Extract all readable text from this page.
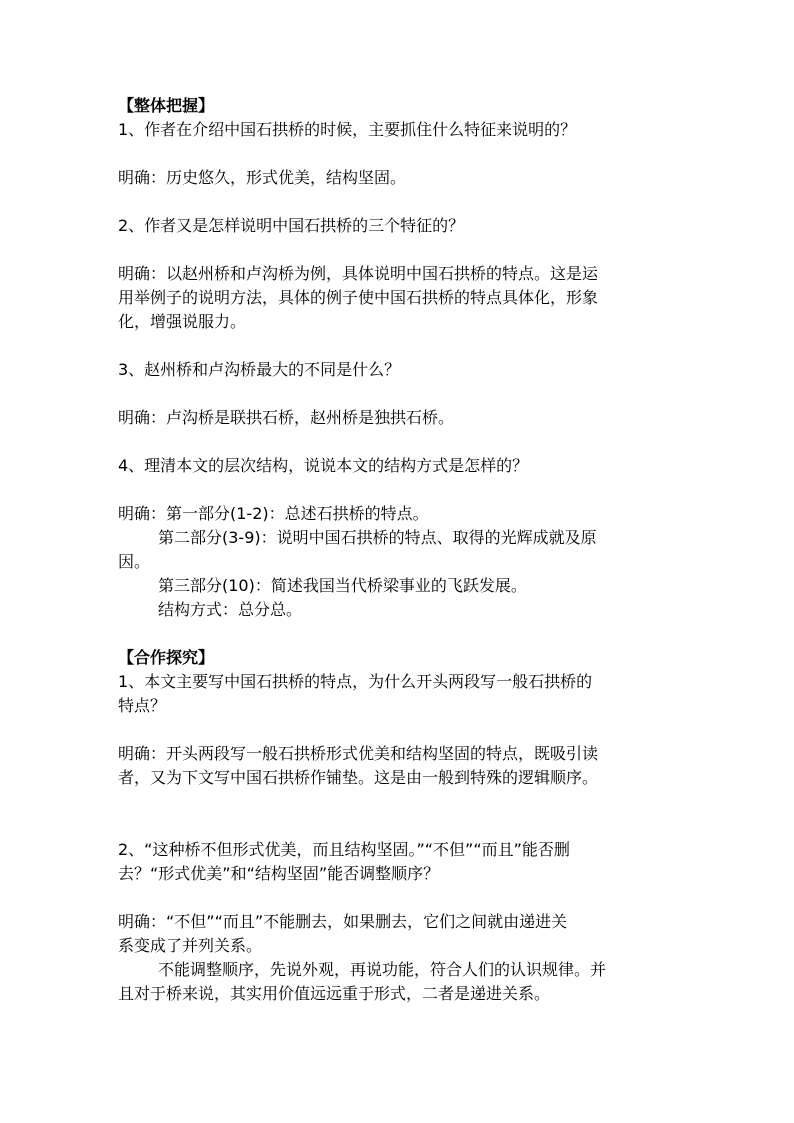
【整体把握】
1、作者在介绍中国石拱桥的时候，主要抓住什么特征来说明的？
明确：历史悠久，形式优美，结构坚固。
2、作者又是怎样说明中国石拱桥的三个特征的？
明确：以赵州桥和卢沟桥为例，具体说明中国石拱桥的特点。这是运
用举例子的说明方法，具体的例子使中国石拱桥的特点具体化，形象
化，增强说服力。
3、赵州桥和卢沟桥最大的不同是什么？
明确：卢沟桥是联拱石桥，赵州桥是独拱石桥。
4、理清本文的层次结构，说说本文的结构方式是怎样的？
明确：第一部分(1-2)：总述石拱桥的特点。
第二部分(3-9)：说明中国石拱桥的特点、取得的光辉成就及原
因。
第三部分(10)：简述我国当代桥梁事业的飞跃发展。
结构方式：总分总。
【合作探究】
1、本文主要写中国石拱桥的特点，为什么开头两段写一般石拱桥的
特点？
明确：开头两段写一般石拱桥形式优美和结构坚固的特点，既吸引读
者，又为下文写中国石拱桥作铺垫。这是由一般到特殊的逻辑顺序。
2、“这种桥不但形式优美，而且结构坚固。”“不但”“而且”能否删
去？“形式优美”和“结构坚固”能否调整顺序？
明确：“不但”“而且”不能删去，如果删去，它们之间就由递进关
系变成了并列关系。
不能调整顺序，先说外观，再说功能，符合人们的认识规律。并
且对于桥来说，其实用价值远远重于形式，二者是递进关系。
